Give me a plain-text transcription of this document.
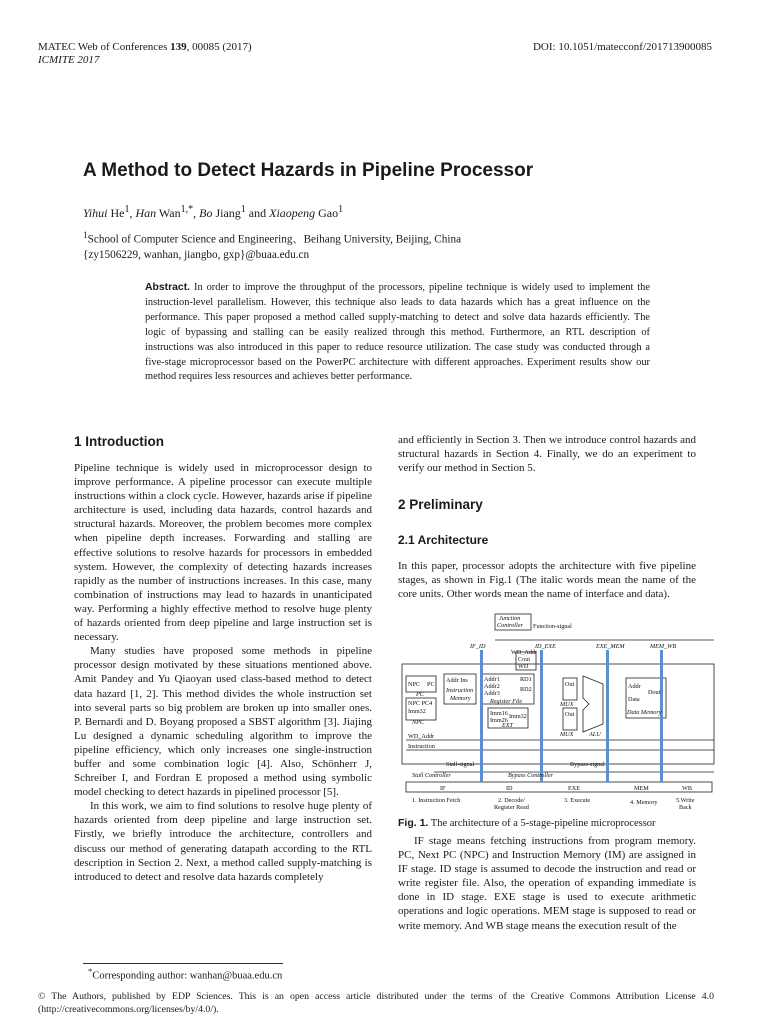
MATEC Web of Conferences 139, 00085 (2017)
ICMITE 2017
DOI: 10.1051/matecconf/201713900085
A Method to Detect Hazards in Pipeline Processor
Yihui He$^1$, Han Wan$^{1,*}$, Bo Jiang$^1$ and Xiaopeng Gao$^1$
$^1$School of Computer Science and Engineering、Beihang University, Beijing, China
{zy1506229, wanhan, jiangbo, gxp}@buaa.edu.cn
Abstract. In order to improve the throughput of the processors, pipeline technique is widely used to implement the instruction-level parallelism. However, this technique also leads to data hazards which has a great influence on the performance. This paper proposed a method called supply-matching to detect and solve data hazards efficiently. The logic of bypassing and stalling can be easily realized through this method. Furthermore, an RTL description of instructions was also introduced in this paper to reduce resource utilization. The case study was conducted through a five-stage microprocessor based on the PowerPC architecture with different approaches. Experiment results show our method requires less resources and achieves better performance.
1 Introduction

Pipeline technique is widely used in microprocessor design to improve performance. A pipeline processor can execute multiple instructions within a clock cycle. However, hazards arise if pipeline architecture is used, including data hazards, control hazards and structural hazards. Moreover, the problem becomes more complex when pipeline depth increases. Forwarding and stalling are effective solutions to resolve hazards for processors in embedded system. However, the complexity of detecting hazards increases rapidly as the number of instructions increases. In this case, many combination of instructions may lead to hazards in unanticipated way. Performing a highly effective method to resolve huge plenty of hazards oriented from deep pipeline and large instruction set is necessary.

Many studies have proposed some methods in pipeline processor design motivated by these situations mentioned above. Amit Pandey and Yu Qiaoyan used class-based method to detect data hazard [1, 2]. This method divides the whole instruction set into several parts so big problem are broken up into smaller ones. P. Bernardi and D. Boyang proposed a SBST algorithm [3]. Jiajing Lu designed a dynamic scheduling algorithm to improve the pipeline efficiency, which only increases one single-instruction buffer and some combination logic [4]. Also, Schönherr J, Schreiber I, and Fordran E proposed a method using symbolic model checking to detect hazards in pipelined processor [5].

In this work, we aim to find solutions to resolve huge plenty of hazards oriented from deep pipeline and large instruction set. Firstly, we briefly introduce the architecture, controllers and discuss our method of generating datapath according to the RTL description in Section 2. Next, a method called supply-matching is introduced to detect and resolve data hazards completely

and efficiently in Section 3. Then we introduce control hazards and structural hazards in Section 4. Finally, we do an experiment to verify our method in Section 5.

2 Preliminary
2.1 Architecture

In this paper, processor adopts the architecture with five pipeline stages, as shown in Fig.1 (The italic words mean the name of the core units. Other words mean the name of interface and data).

Junction
Controller Function-signal
IF_ID	ID_EXE	EXE_MEM	MEM_WB
WD_Addr
Cout
WD
NPC PC
PC
NPC PC4
Imm32
NPC
Addr Ins
Instruction
Memory
Addr1
Addr2
Addr3
RD1
RD2
Register File
Imm16
Imm26
Imm32
EXT
Out
MUX
Out
MUX	ALU
Addr
Data
Dout
Data Memory
WD_Addr
Instruction
Stall-signal	Bypass-signal
Stall Controller	Bypass Controller
IF	ID	EXE	MEM	WB
1. Instruction Fetch	2. Decode/
Register Read
3. Execute	4. Memory	5.Write
Back
Fig. 1. The architecture of a 5-stage-pipeline microprocessor

IF stage means fetching instructions from program memory. PC, Next PC (NPC) and Instruction Memory (IM) are assigned in IF stage. ID stage is assumed to decode the instruction and read or write register file. Also, the operation of expanding immediate is done in ID stage. EXE stage is used to execute arithmetic operations and logic operations. MEM stage is supposed to read or write memory. And WB stage means the execution result of the

*Corresponding author: wanhan@buaa.edu.cn
© The Authors, published by EDP Sciences. This is an open access article distributed under the terms of the Creative Commons Attribution License 4.0 (http://creativecommons.org/licenses/by/4.0/).
